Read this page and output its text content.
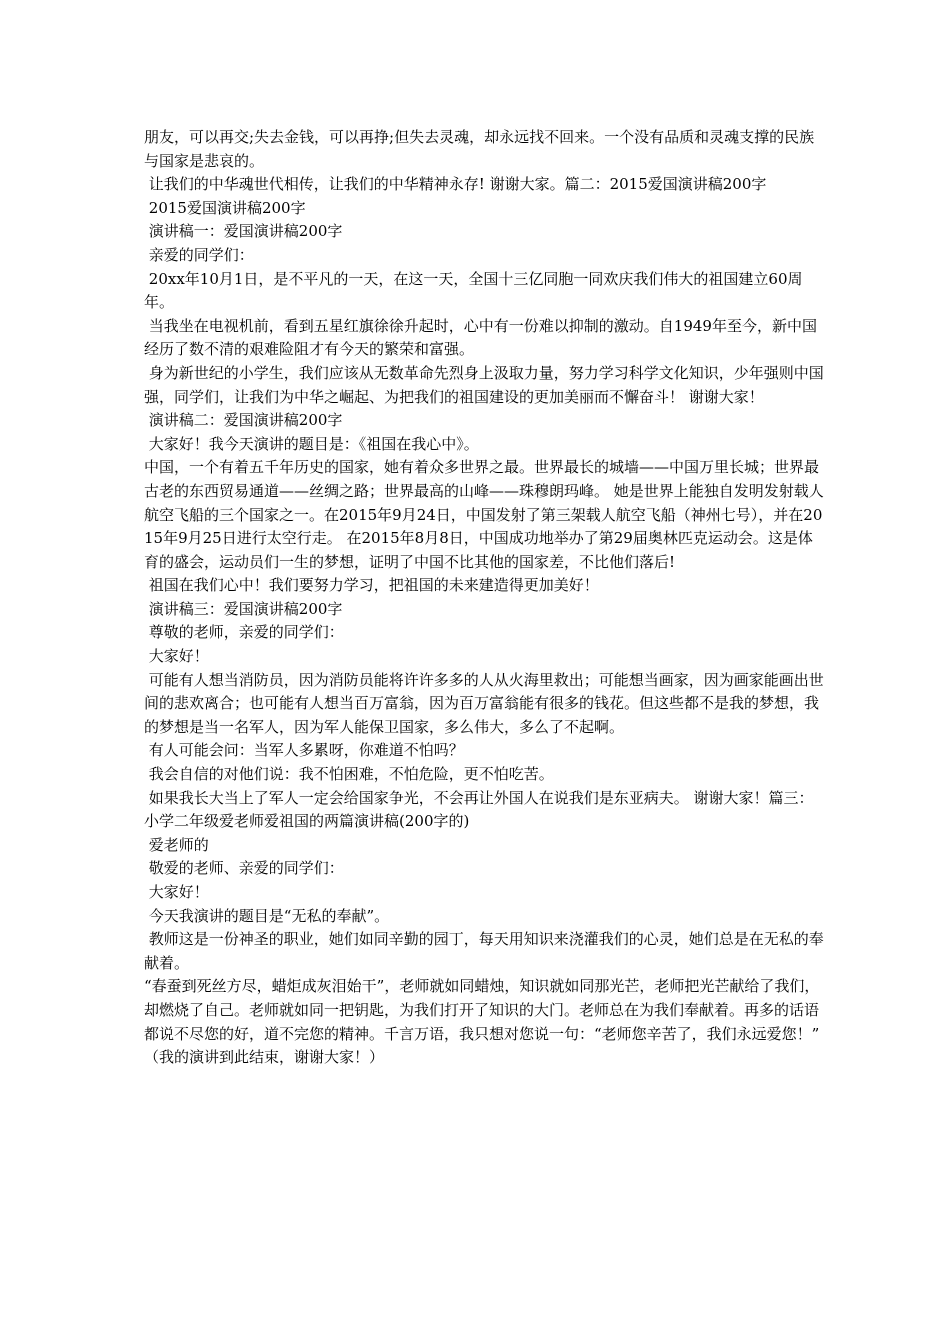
朋友，可以再交;失去金钱，可以再挣;但失去灵魂，却永远找不回来。一个没有品质和灵魂支撑的民族与国家是悲哀的。

让我们的中华魂世代相传，让我们的中华精神永存! 谢谢大家。篇二：2015爱国演讲稿200字

2015爱国演讲稿200字

演讲稿一：爱国演讲稿200字

亲爱的同学们：

20xx年10月1日，是不平凡的一天，在这一天，全国十三亿同胞一同欢庆我们伟大的祖国建立60周年。

当我坐在电视机前，看到五星红旗徐徐升起时，心中有一份难以抑制的激动。自1949年至今，新中国经历了数不清的艰难险阻才有今天的繁荣和富强。

身为新世纪的小学生，我们应该从无数革命先烈身上汲取力量，努力学习科学文化知识，少年强则中国强，同学们，让我们为中华之崛起、为把我们的祖国建设的更加美丽而不懈奋斗！ 谢谢大家！

演讲稿二：爱国演讲稿200字

大家好！我今天演讲的题目是：《祖国在我心中》。

中国，一个有着五千年历史的国家，她有着众多世界之最。世界最长的城墙——中国万里长城；世界最古老的东西贸易通道——丝绸之路；世界最高的山峰——珠穆朗玛峰。 她是世界上能独自发明发射载人航空飞船的三个国家之一。在2015年9月24日，中国发射了第三架载人航空飞船（神州七号），并在2015年9月25日进行太空行走。 在2015年8月8日，中国成功地举办了第29届奥林匹克运动会。这是体育的盛会，运动员们一生的梦想，证明了中国不比其他的国家差，不比他们落后!

祖国在我们心中！我们要努力学习，把祖国的未来建造得更加美好！

演讲稿三：爱国演讲稿200字

尊敬的老师，亲爱的同学们：

大家好！

可能有人想当消防员，因为消防员能将许许多多的人从火海里救出；可能想当画家，因为画家能画出世间的悲欢离合；也可能有人想当百万富翁，因为百万富翁能有很多的钱花。但这些都不是我的梦想，我的梦想是当一名军人，因为军人能保卫国家，多么伟大，多么了不起啊。

有人可能会问：当军人多累呀，你难道不怕吗？

我会自信的对他们说：我不怕困难，不怕危险，更不怕吃苦。

如果我长大当上了军人一定会给国家争光，不会再让外国人在说我们是东亚病夫。 谢谢大家！篇三：小学二年级爱老师爱祖国的两篇演讲稿(200字的)

爱老师的

敬爱的老师、亲爱的同学们：

大家好！

今天我演讲的题目是“无私的奉献”。

教师这是一份神圣的职业，她们如同辛勤的园丁，每天用知识来浇灌我们的心灵，她们总是在无私的奉献着。

“春蚕到死丝方尽，蜡炬成灰泪始干”，老师就如同蜡烛，知识就如同那光芒，老师把光芒献给了我们，却燃烧了自己。老师就如同一把钥匙，为我们打开了知识的大门。老师总在为我们奉献着。再多的话语都说不尽您的好，道不完您的精神。千言万语，我只想对您说一句：“老师您辛苦了，我们永远爱您！” （我的演讲到此结束，谢谢大家！）
